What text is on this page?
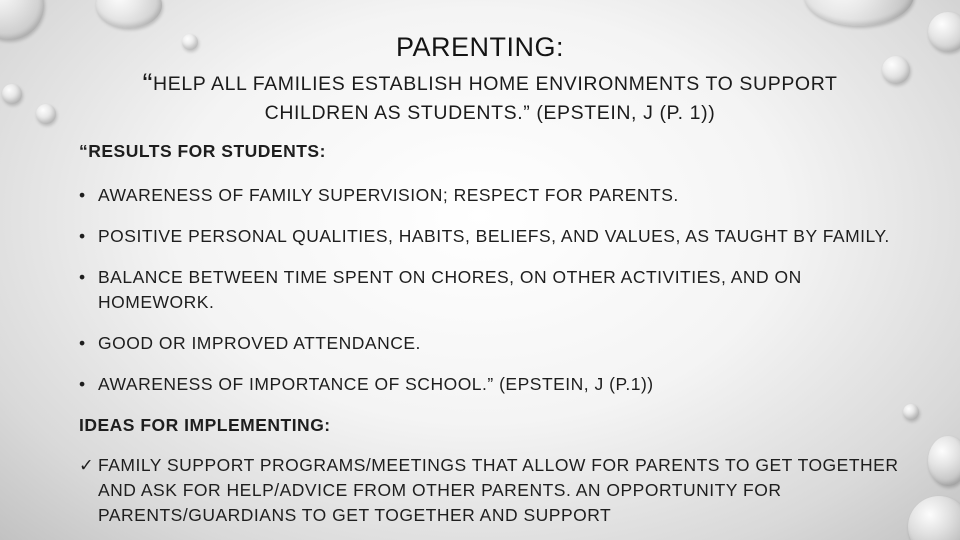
PARENTING:
“HELP ALL FAMILIES ESTABLISH HOME ENVIRONMENTS TO SUPPORT CHILDREN AS STUDENTS.” (EPSTEIN, J (P. 1))
“RESULTS FOR STUDENTS:
• AWARENESS OF FAMILY SUPERVISION; RESPECT FOR PARENTS.
• POSITIVE PERSONAL QUALITIES, HABITS, BELIEFS, AND VALUES, AS TAUGHT BY FAMILY.
• BALANCE BETWEEN TIME SPENT ON CHORES, ON OTHER ACTIVITIES, AND ON HOMEWORK.
• GOOD OR IMPROVED ATTENDANCE.
• AWARENESS OF IMPORTANCE OF SCHOOL.” (EPSTEIN, J (P.1))
IDEAS FOR IMPLEMENTING:
✓ FAMILY SUPPORT PROGRAMS/MEETINGS THAT ALLOW FOR PARENTS TO GET TOGETHER AND ASK FOR HELP/ADVICE FROM OTHER PARENTS. AN OPPORTUNITY FOR PARENTS/GUARDIANS TO GET TOGETHER AND SUPPORT
